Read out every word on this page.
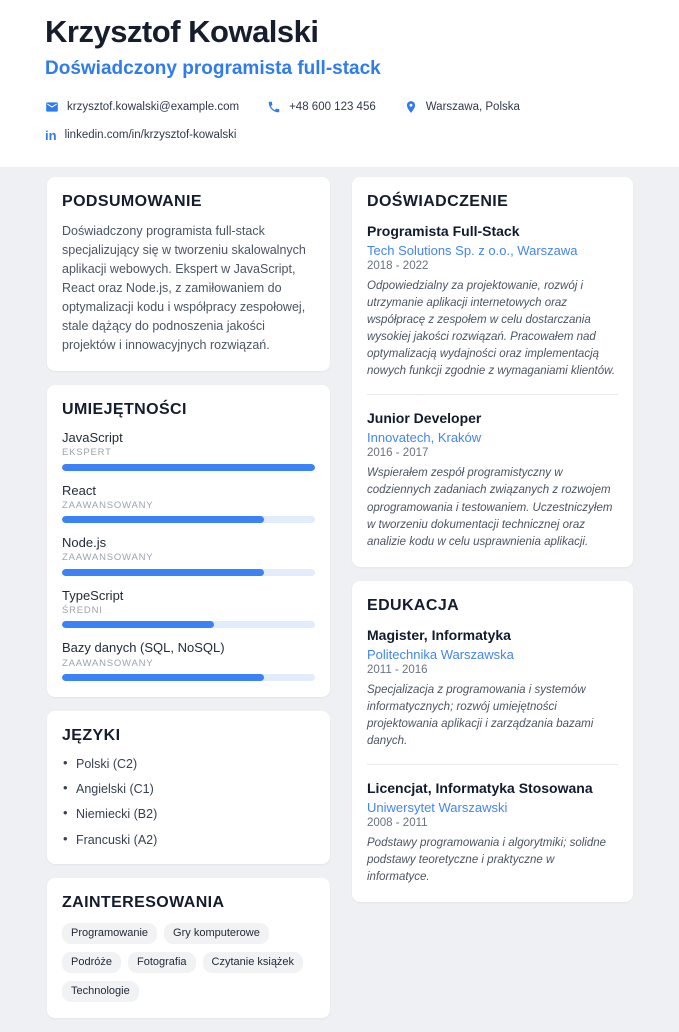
Krzysztof Kowalski
Doświadczony programista full-stack
krzysztof.kowalski@example.com	+48 600 123 456	Warszawa, Polska
in linkedin.com/in/krzysztof-kowalski
PODSUMOWANIE

Doświadczony programista full-stack specjalizujący się w tworzeniu skalowalnych aplikacji webowych. Ekspert w JavaScript, React oraz Node.js, z zamiłowaniem do optymalizacji kodu i współpracy zespołowej, stale dążący do podnoszenia jakości projektów i innowacyjnych rozwiązań.

UMIEJĘTNOŚCI
JavaScript
EKSPERT
React
ZAAWANSOWANY
Node.js
ZAAWANSOWANY
TypeScript
ŚREDNI
Bazy danych (SQL, NoSQL)
ZAAWANSOWANY
JĘZYKI
• Polski (C2)
• Angielski (C1)
• Niemiecki (B2)
• Francuski (A2)
ZAINTERESOWANIA
Programowanie	Gry komputerowe
Podróże	Fotografia	Czytanie książek
Technologie
DOŚWIADCZENIE
Programista Full-Stack
Tech Solutions Sp. z o.o., Warszawa
2018 - 2022
Odpowiedzialny za projektowanie, rozwój i utrzymanie aplikacji internetowych oraz współpracę z zespołem w celu dostarczania wysokiej jakości rozwiązań. Pracowałem nad optymalizacją wydajności oraz implementacją nowych funkcji zgodnie z wymaganiami klientów.
Junior Developer
Innovatech, Kraków
2016 - 2017
Wspierałem zespół programistyczny w codziennych zadaniach związanych z rozwojem oprogramowania i testowaniem. Uczestniczyłem w tworzeniu dokumentacji technicznej oraz analizie kodu w celu usprawnienia aplikacji.
EDUKACJA
Magister, Informatyka
Politechnika Warszawska
2011 - 2016
Specjalizacja z programowania i systemów informatycznych; rozwój umiejętności projektowania aplikacji i zarządzania bazami danych.
Licencjat, Informatyka Stosowana
Uniwersytet Warszawski
2008 - 2011
Podstawy programowania i algorytmiki; solidne podstawy teoretyczne i praktyczne w informatyce.
